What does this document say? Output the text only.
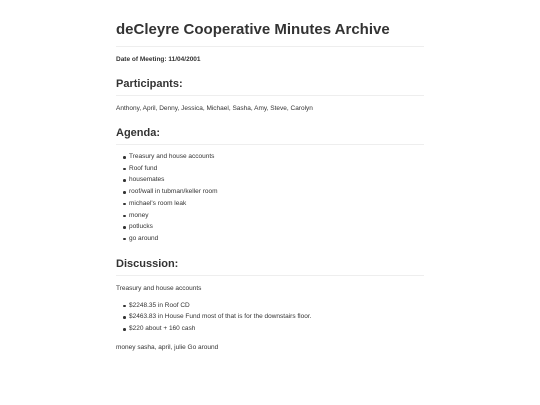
deCleyre Cooperative Minutes Archive
Date of Meeting: 11/04/2001
Participants:

Anthony, April, Denny, Jessica, Michael, Sasha, Amy, Steve, Carolyn

Agenda:
Treasury and house accounts
Roof fund
housemates
roof/wall in tubman/keller room
michael's room leak
money
potlucks
go around
Discussion:

Treasury and house accounts

$2248.35 in Roof CD
$2463.83 in House Fund most of that is for the downstairs floor.
$220 about + 160 cash

money sasha, april, julie Go around
